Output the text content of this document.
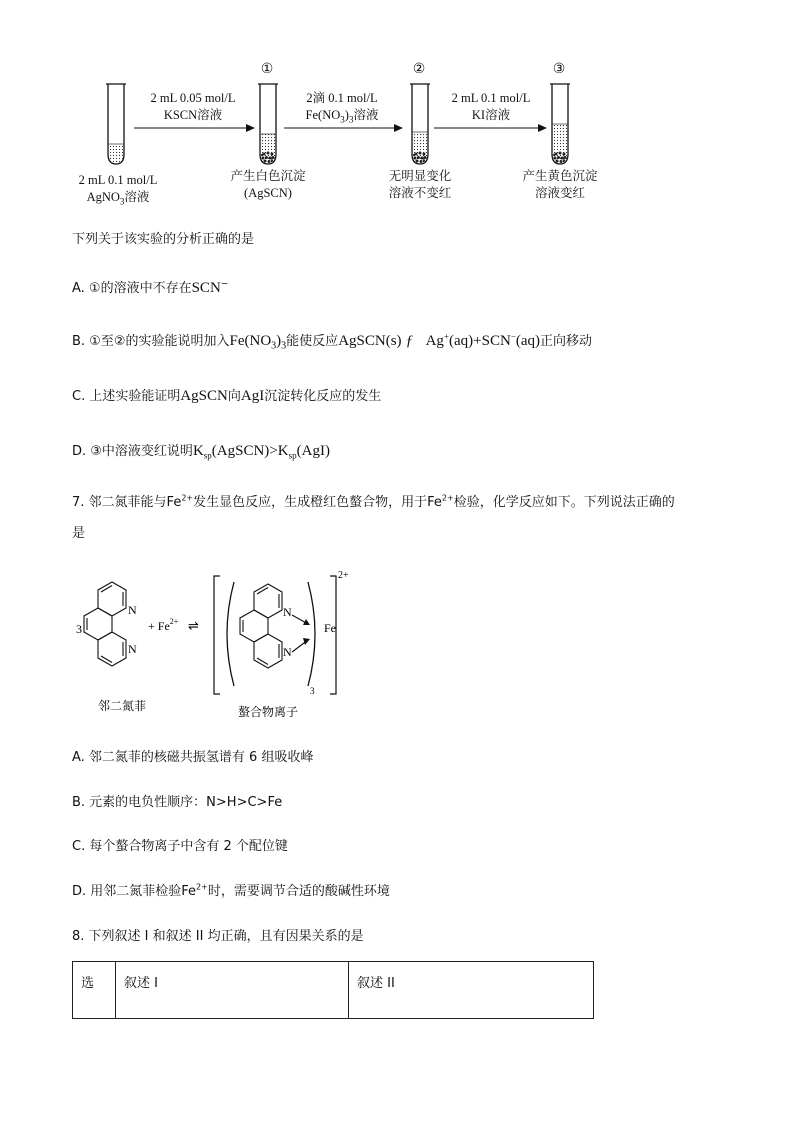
2 mL 0.1 mol/L
AgNO$_3$溶液
2 mL 0.05 mol/L
KSCN溶液
①
产生白色沉淀
(AgSCN)
2滴 0.1 mol/L
$Fe(NO_3)_3$溶液
②
无明显变化
溶液不变红
2 mL 0.1 mol/L
KI溶液
③
产生黄色沉淀
溶液变红
下列关于该实验的分析正确的是
A. ①的溶液中不存在SCN−
B. ①至②的实验能说明加入$Fe(NO_3)_3$能使反应AgSCN(s) ƒ Ag+(aq)+SCN−(aq)正向移动
C. 上述实验能证明AgSCN向AgI沉淀转化反应的发生
D. ③中溶液变红说明$K_{sp}(AgSCN)>K_{sp}(AgI)$
7. 邻二氮菲能与$Fe^{2+}$发生显色反应，生成橙红色螯合物，用于$Fe^{2+}$检验，化学反应如下。下列说法正确的
是
N
N
3	+ $Fe^{2+}$ ⇌
N
N
Fe
3
2+
邻二氮菲	螯合物离子
A. 邻二氮菲的核磁共振氢谱有 6 组吸收峰
B. 元素的电负性顺序：N>H>C>Fe
C. 每个螯合物离子中含有 2 个配位键
D. 用邻二氮菲检验$Fe^{2+}$时，需要调节合适的酸碱性环境
8. 下列叙述 I 和叙述 II 均正确，且有因果关系的是
选	叙述 I	叙述 II
